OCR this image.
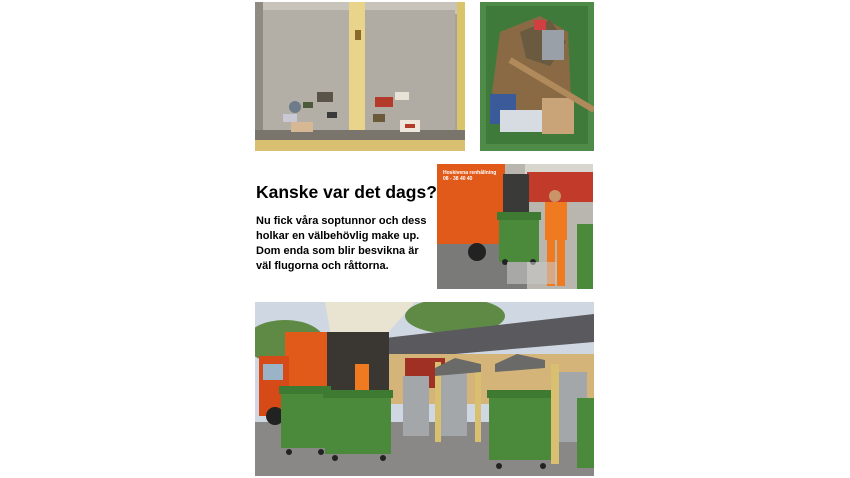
Kanske var det dags?

Nu fick våra soptunnor och dess holkar en välbehövlig make up.

Dom enda som blir besvikna är väl flugorna och råttorna.

Hoskivena renhållning
08 - 38 40 40
